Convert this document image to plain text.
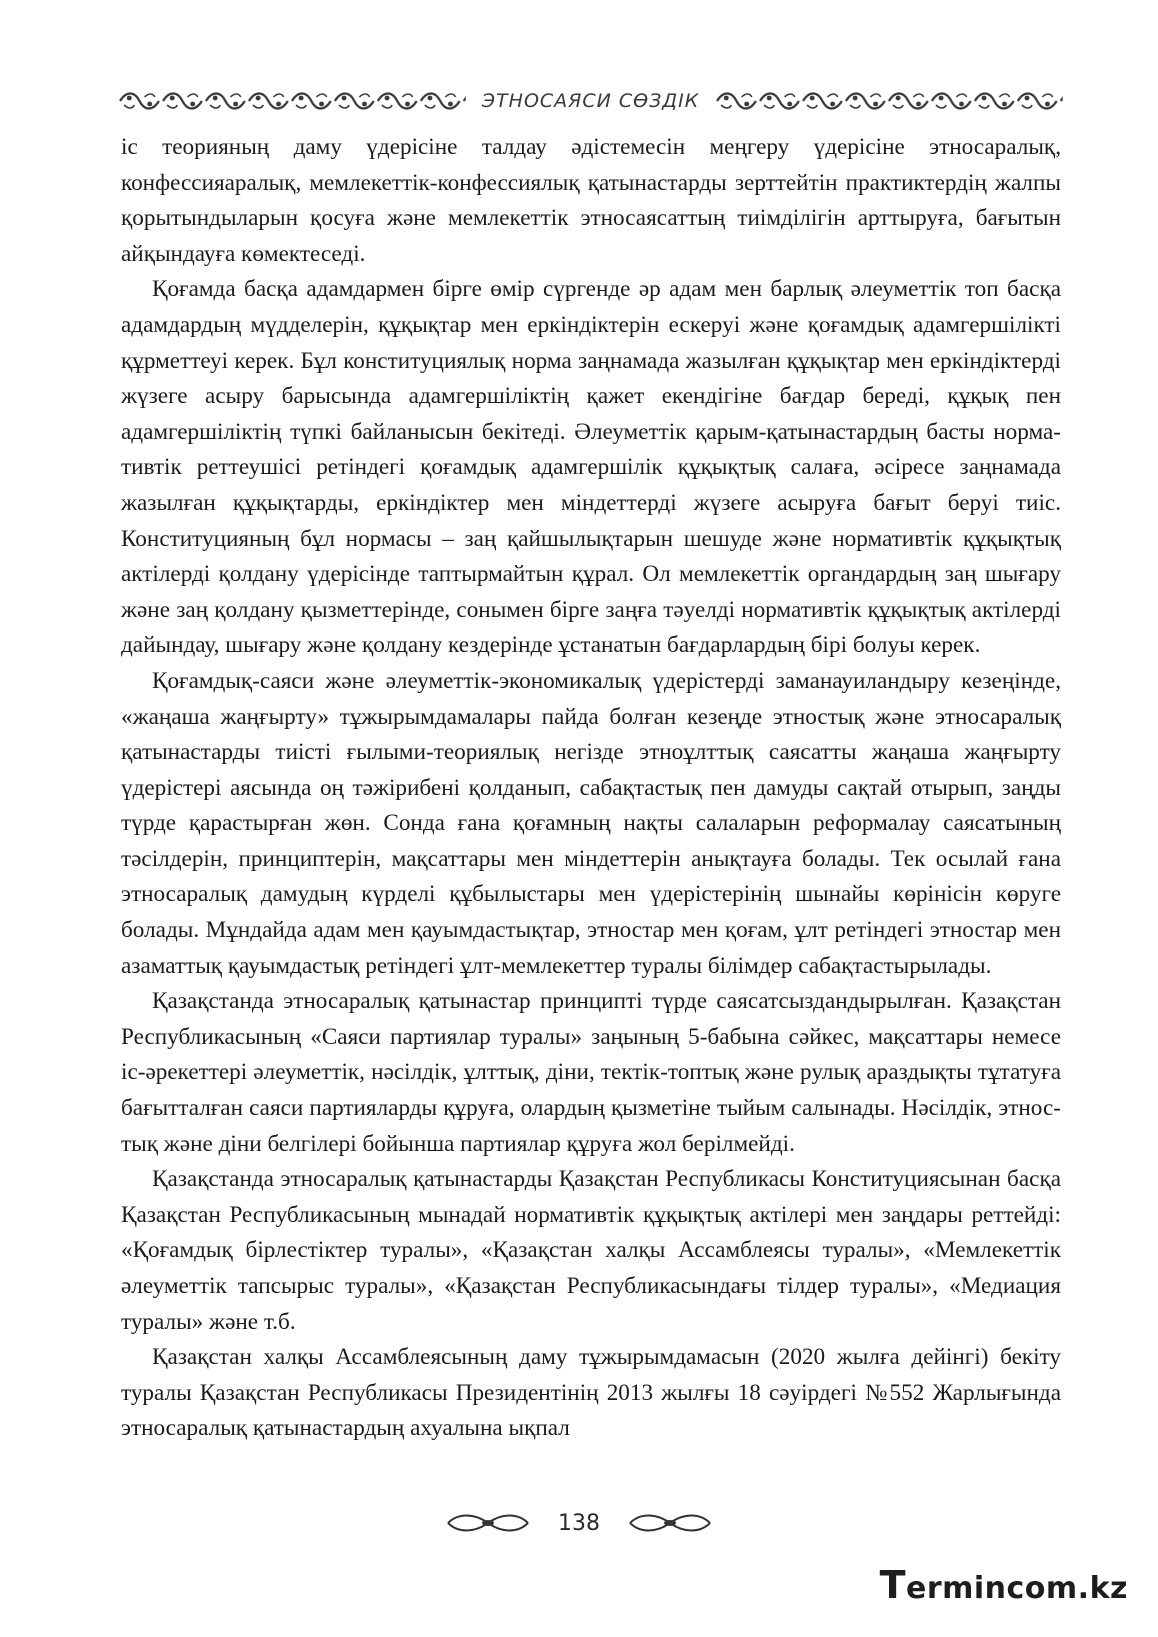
ЭТНОСАЯСИ СӨЗДІК

іс теорияның даму үдерісіне талдау әдістемесін меңгеру үдерісіне этносаралық, конфессияаралық, мемлекеттік-конфессиялық қатынастарды зерттейтін практиктердің жалпы қорытындыларын қосуға және мемлекеттік этносаясаттың тиімділігін арттыруға, бағытын айқындауға көмектеседі.

Қоғамда басқа адамдармен бірге өмір сүргенде әр адам мен барлық әлеуметтік топ басқа адамдардың мүдделерін, құқықтар мен еркіндіктерін ескеруі және қоғамдық адамгершілікті құрметтеуі керек. Бұл конституциялық норма заңнамада жазылған құқықтар мен еркіндіктерді жүзеге асыру барысында адамгершіліктің қажет екендігіне бағдар береді, құқық пен адамгершіліктің түпкі байланысын бекітеді. Әлеуметтік қарым-қатынастардың басты нормативтік реттеушісі ретіндегі қоғамдық адамгершілік құқықтық салаға, әсіресе заңнамада жазылған құқықтарды, еркіндіктер мен міндеттерді жүзеге асыруға бағыт беруі тиіс. Конституцияның бұл нормасы – заң қайшылықтарын шешуде және нормативтік құқықтық актілерді қолдану үдерісінде таптырмайтын құрал. Ол мемлекеттік органдардың заң шығару және заң қолдану қызметтерінде, сонымен бірге заңға тәуелді нормативтік құқықтық актілерді дайындау, шығару және қолдану кездерінде ұстанатын бағдарлардың бірі болуы керек.

Қоғамдық-саяси және әлеуметтік-экономикалық үдерістерді заманауиландыру кезеңінде, «жаңаша жаңғырту» тұжырымдамалары пайда болған кезеңде этностық және этносаралық қатынастарды тиісті ғылыми-теориялық негізде этноұлттық саясатты жаңаша жаңғырту үдерістері аясында оң тәжірибені қолданып, сабақтастық пен дамуды сақтай отырып, заңды түрде қарастырған жөн. Сонда ғана қоғамның нақты салаларын реформалау саясатының тәсілдерін, принциптерін, мақсаттары мен міндеттерін анықтауға болады. Тек осылай ғана этносаралық дамудың күрделі құбылыстары мен үдерістерінің шынайы көрінісін көруге болады. Мұндайда адам мен қауымдастықтар, этностар мен қоғам, ұлт ретіндегі этностар мен азаматтық қауымдастық ретіндегі ұлт-мемлекеттер туралы білімдер сабақтастырылады.

Қазақстанда этносаралық қатынастар принципті түрде саясатсыздандырылған. Қазақстан Республикасының «Саяси партиялар туралы» заңының 5-бабына сәйкес, мақсаттары немесе іс-әрекеттері әлеуметтік, нәсілдік, ұлттық, діни, тектік-топтық және рулық араздықты тұтатуға бағытталған саяси партияларды құруға, олардың қызметіне тыйым салынады. Нәсілдік, этностық және діни белгілері бойынша партиялар құруға жол берілмейді.

Қазақстанда этносаралық қатынастарды Қазақстан Республикасы Конституциясынан басқа Қазақстан Республикасының мынадай нормативтік құқықтық актілері мен заңдары реттейді: «Қоғамдық бірлестіктер туралы», «Қазақстан халқы Ассамблеясы туралы», «Мемлекеттік әлеуметтік тапсырыс туралы», «Қазақстан Республикасындағы тілдер туралы», «Медиация туралы» және т.б.

Қазақстан халқы Ассамблеясының даму тұжырымдамасын (2020 жылға дейінгі) бекіту туралы Қазақстан Республикасы Президентінің 2013 жылғы 18 сәуірдегі №552 Жарлығында этносаралық қатынастардың ахуалына ықпал

138
Termincom.kz
